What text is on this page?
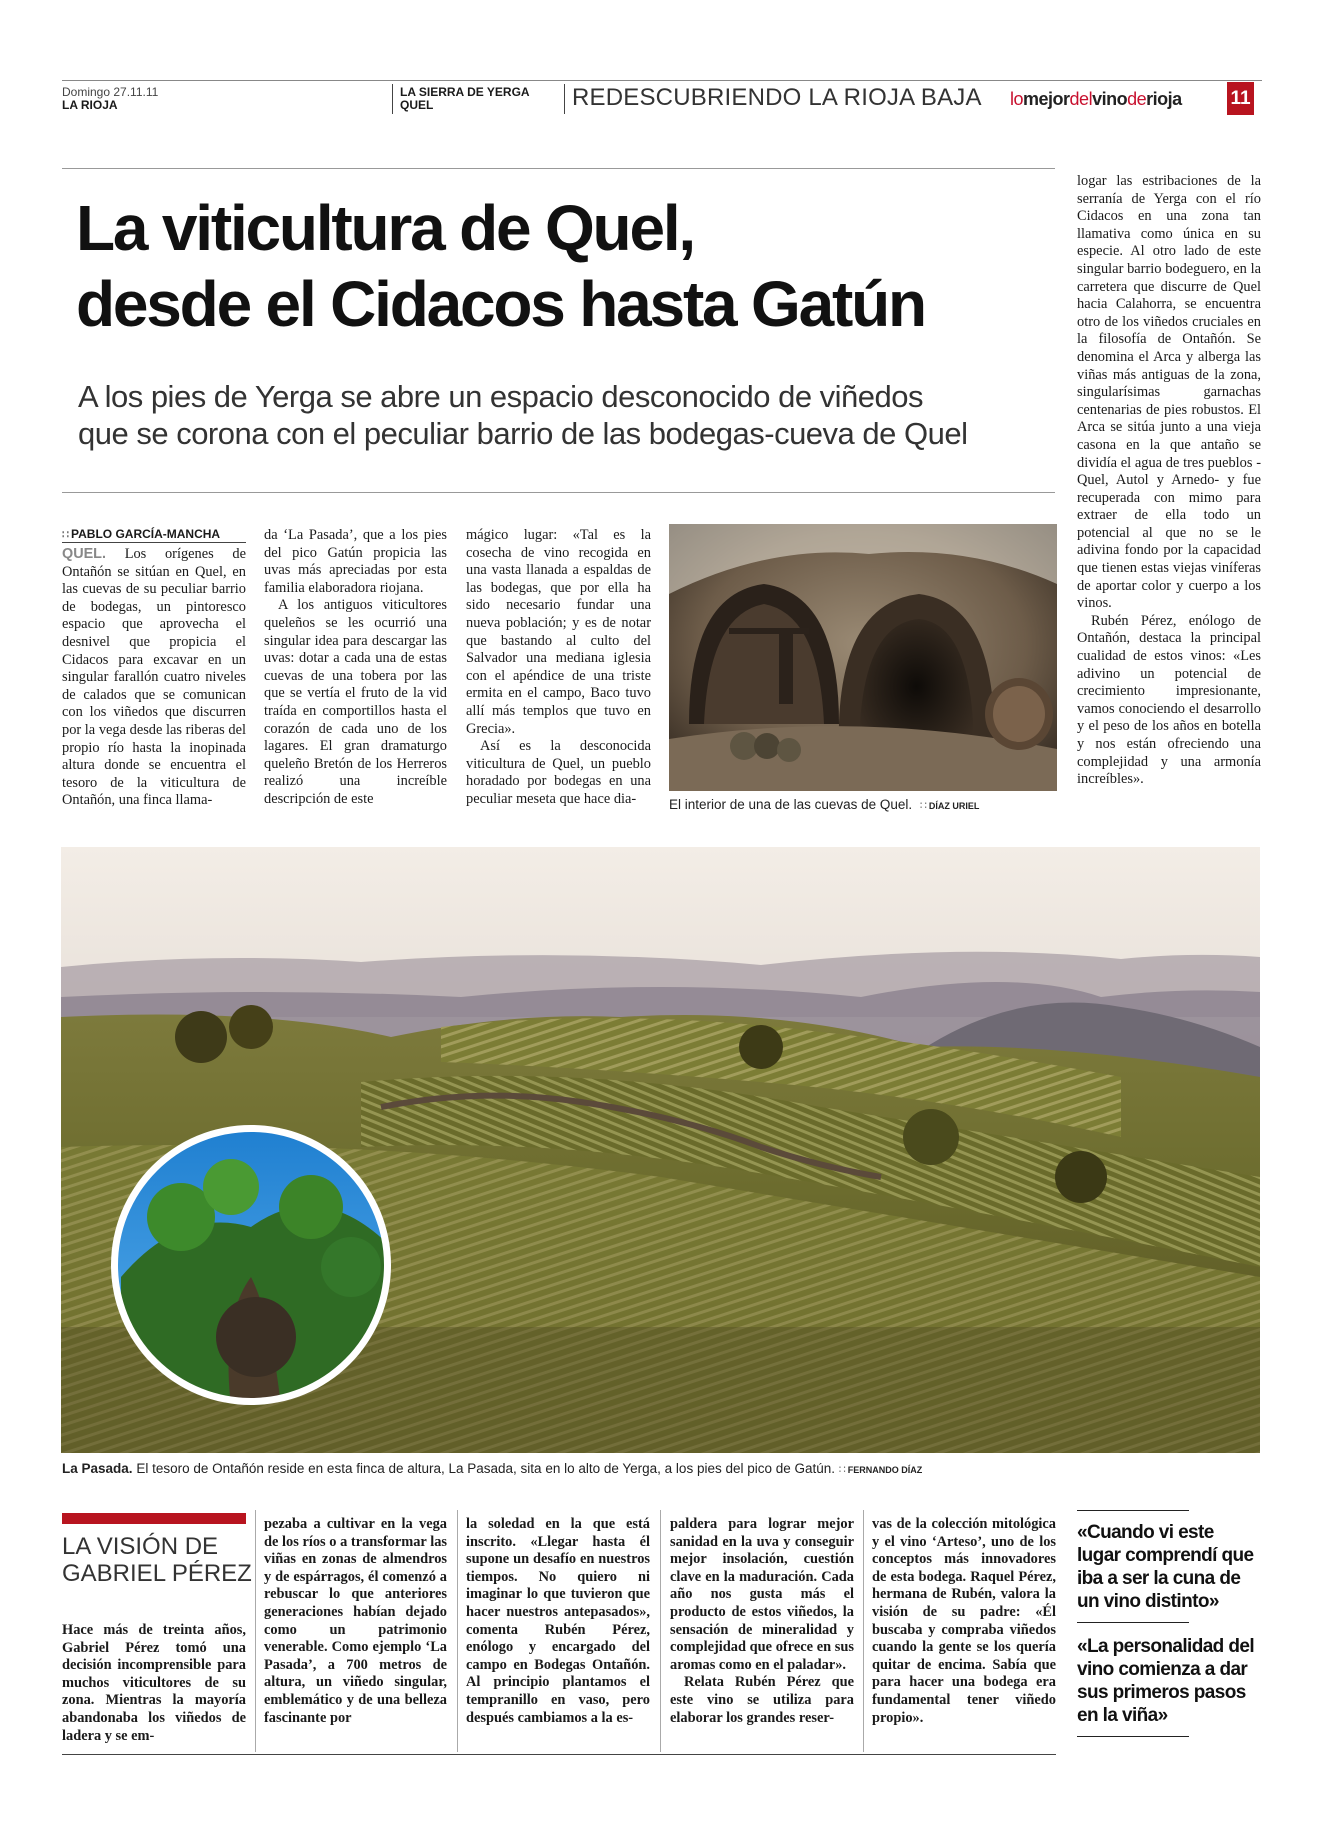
Domingo 27.11.11
LA RIOJA
LA SIERRA DE YERGA
QUEL	REDESCUBRIENDO LA RIOJA BAJA lomejordelvinoderioja	11
La viticultura de Quel,
desde el Cidacos hasta Gatún
A los pies de Yerga se abre un espacio desconocido de viñedos
que se corona con el peculiar barrio de las bodegas-cueva de Quel
∷ PABLO GARCÍA-MANCHA

QUEL. Los orígenes de Ontañón se sitúan en Quel, en las cuevas de su peculiar barrio de bodegas, un pintoresco espacio que aprovecha el desnivel que propicia el Cidacos para excavar en un singular farallón cuatro niveles de calados que se comunican con los viñedos que discurren por la vega desde las riberas del propio río hasta la inopinada altura donde se encuentra el tesoro de la viticultura de Ontañón, una finca llama-

da ‘La Pasada’, que a los pies del pico Gatún propicia las uvas más apreciadas por esta familia elaboradora riojana.

A los antiguos viticultores queleños se les ocurrió una singular idea para descargar las uvas: dotar a cada una de estas cuevas de una tobera por las que se vertía el fruto de la vid traída en comportillos hasta el corazón de cada uno de los lagares. El gran dramaturgo queleño Bretón de los Herreros realizó una increíble descripción de este

mágico lugar: «Tal es la cosecha de vino recogida en una vasta llanada a espaldas de las bodegas, que por ella ha sido necesario fundar una nueva población; y es de notar que bastando al culto del Salvador una mediana iglesia con el apéndice de una triste ermita en el campo, Baco tuvo allí más templos que tuvo en Grecia».

Así es la desconocida viticultura de Quel, un pueblo horadado por bodegas en una peculiar meseta que hace dia-

logar las estribaciones de la serranía de Yerga con el río Cidacos en una zona tan llamativa como única en su especie. Al otro lado de este singular barrio bodeguero, en la carretera que discurre de Quel hacia Calahorra, se encuentra otro de los viñedos cruciales en la filosofía de Ontañón. Se denomina el Arca y alberga las viñas más antiguas de la zona, singularísimas garnachas centenarias de pies robustos. El Arca se sitúa junto a una vieja casona en la que antaño se dividía el agua de tres pueblos -Quel, Autol y Arnedo- y fue recuperada con mimo para extraer de ella todo un potencial al que no se le adivina fondo por la capacidad que tienen estas viejas viníferas de aportar color y cuerpo a los vinos.

Rubén Pérez, enólogo de Ontañón, destaca la principal cualidad de estos vinos: «Les adivino un potencial de crecimiento impresionante, vamos conociendo el desarrollo y el peso de los años en botella y nos están ofreciendo una complejidad y una armonía increíbles».

El interior de una de las cuevas de Quel. ∷ DÍAZ URIEL
La Pasada. El tesoro de Ontañón reside en esta finca de altura, La Pasada, sita en lo alto de Yerga, a los pies del pico de Gatún. ∷ FERNANDO DÍAZ
LA VISIÓN DE
GABRIEL PÉREZ

Hace más de treinta años, Gabriel Pérez tomó una decisión incomprensible para muchos viticultores de su zona. Mientras la mayoría abandonaba los viñedos de ladera y se em-

pezaba a cultivar en la vega de los ríos o a transformar las viñas en zonas de almendros y de espárragos, él comenzó a rebuscar lo que anteriores generaciones habían dejado como un patrimonio venerable. Como ejemplo ‘La Pasada’, a 700 metros de altura, un viñedo singular, emblemático y de una belleza fascinante por

la soledad en la que está inscrito. «Llegar hasta él supone un desafío en nuestros tiempos. No quiero ni imaginar lo que tuvieron que hacer nuestros antepasados», comenta Rubén Pérez, enólogo y encargado del campo en Bodegas Ontañón. Al principio plantamos el tempranillo en vaso, pero después cambiamos a la es-

paldera para lograr mejor sanidad en la uva y conseguir mejor insolación, cuestión clave en la maduración. Cada año nos gusta más el producto de estos viñedos, la sensación de mineralidad y complejidad que ofrece en sus aromas como en el paladar».

Relata Rubén Pérez que este vino se utiliza para elaborar los grandes reser-

vas de la colección mitológica y el vino ‘Arteso’, uno de los conceptos más innovadores de esta bodega. Raquel Pérez, hermana de Rubén, valora la visión de su padre: «Él buscaba y compraba viñedos cuando la gente se los quería quitar de encima. Sabía que para hacer una bodega era fundamental tener viñedo propio».

«Cuando vi este lugar comprendí que iba a ser la cuna de un vino distinto»
«La personalidad del vino comienza a dar sus primeros pasos en la viña»
